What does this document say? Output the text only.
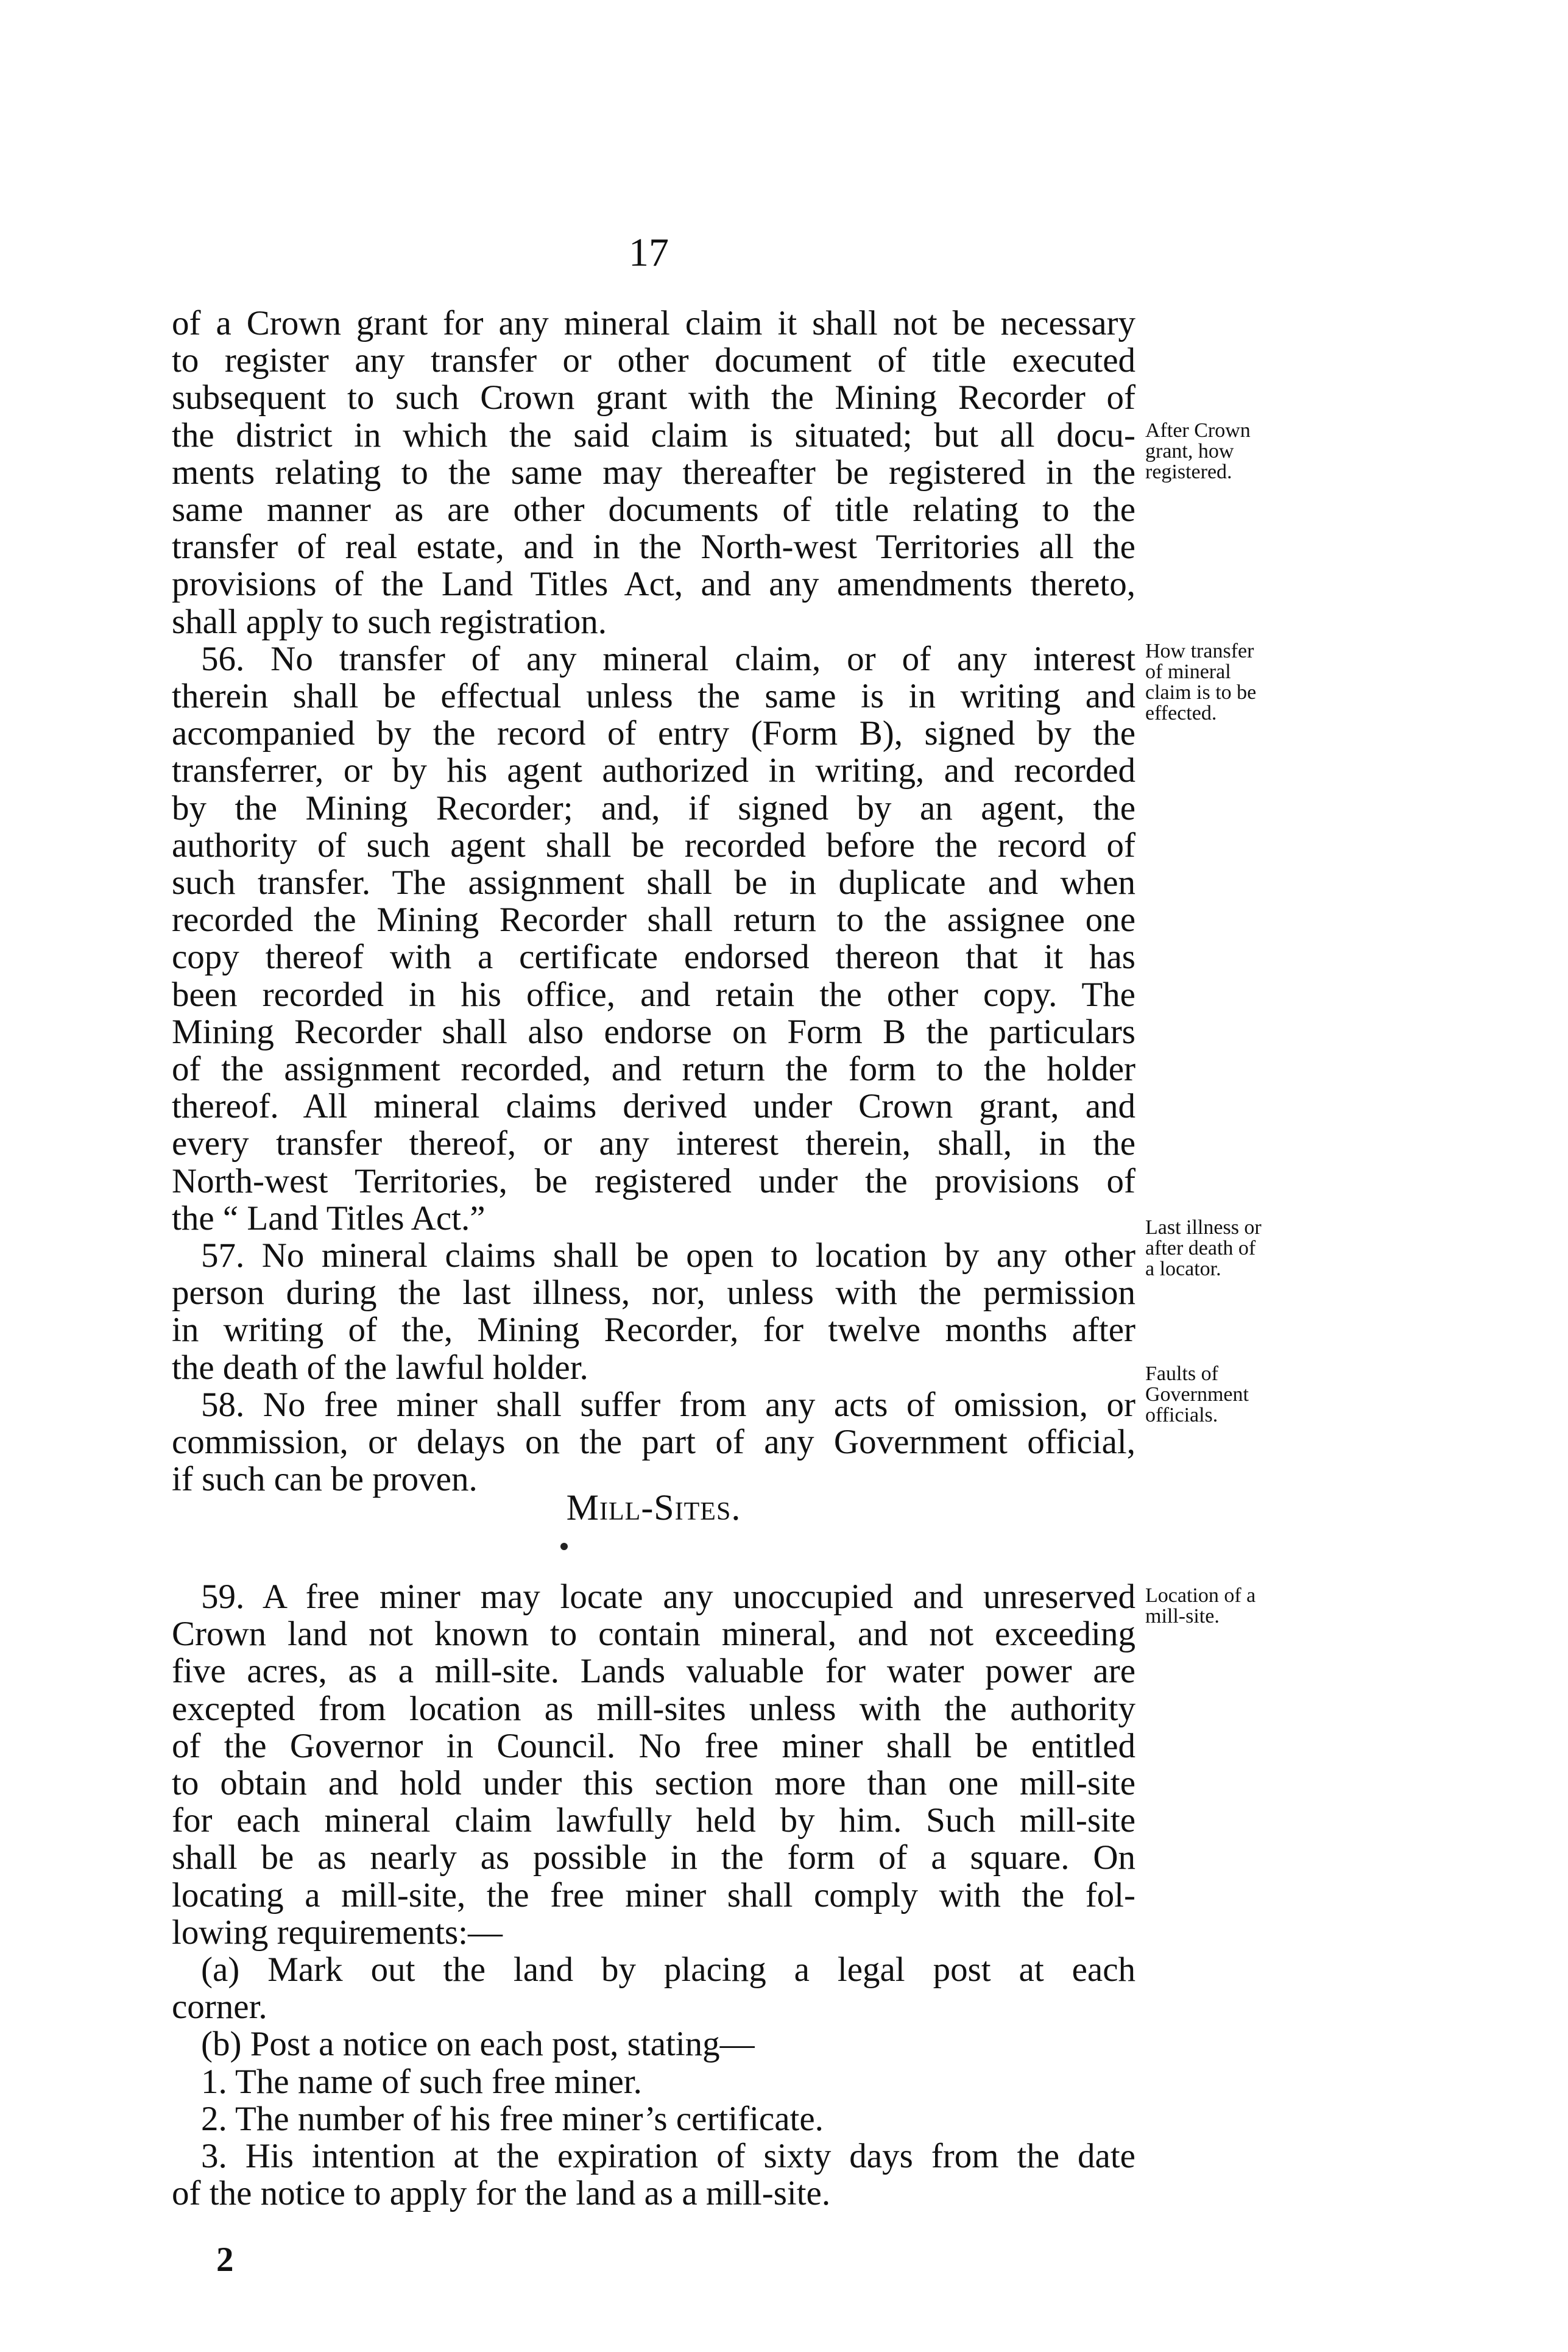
17

of a Crown grant for any mineral claim it shall not be necessary

to register any transfer or other document of title executed

subsequent to such Crown grant with the Mining Recorder of

the district in which the said claim is situated; but all docu-

ments relating to the same may thereafter be registered in the

same manner as are other documents of title relating to the

transfer of real estate, and in the North-west Territories all the

provisions of the Land Titles Act, and any amendments thereto,

shall apply to such registration.

56. No transfer of any mineral claim, or of any interest

therein shall be effectual unless the same is in writing and

accompanied by the record of entry (Form B), signed by the

transferrer, or by his agent authorized in writing, and recorded

by the Mining Recorder; and, if signed by an agent, the

authority of such agent shall be recorded before the record of

such transfer. The assignment shall be in duplicate and when

recorded the Mining Recorder shall return to the assignee one

copy thereof with a certificate endorsed thereon that it has

been recorded in his office, and retain the other copy. The

Mining Recorder shall also endorse on Form B the particulars

of the assignment recorded, and return the form to the holder

thereof. All mineral claims derived under Crown grant, and

every transfer thereof, or any interest therein, shall, in the

North-west Territories, be registered under the provisions of

the “ Land Titles Act.”

57. No mineral claims shall be open to location by any other

person during the last illness, nor, unless with the permission

in writing of the, Mining Recorder, for twelve months after

the death of the lawful holder.

58. No free miner shall suffer from any acts of omission, or

commission, or delays on the part of any Government official,

if such can be proven.

Mill-Sites.

59. A free miner may locate any unoccupied and unreserved

Crown land not known to contain mineral, and not exceeding

five acres, as a mill-site. Lands valuable for water power are

excepted from location as mill-sites unless with the authority

of the Governor in Council. No free miner shall be entitled

to obtain and hold under this section more than one mill-site

for each mineral claim lawfully held by him. Such mill-site

shall be as nearly as possible in the form of a square. On

locating a mill-site, the free miner shall comply with the fol-

lowing requirements:—

(a) Mark out the land by placing a legal post at each

corner.

(b) Post a notice on each post, stating—

1. The name of such free miner.

2. The number of his free miner’s certificate.

3. His intention at the expiration of sixty days from the date

of the notice to apply for the land as a mill-site.

2
After Crown
grant, how
registered.
How transfer
of mineral
claim is to be
effected.
Last illness or
after death of
a locator.
Faults of
Government
officials.
Location of a
mill-site.
